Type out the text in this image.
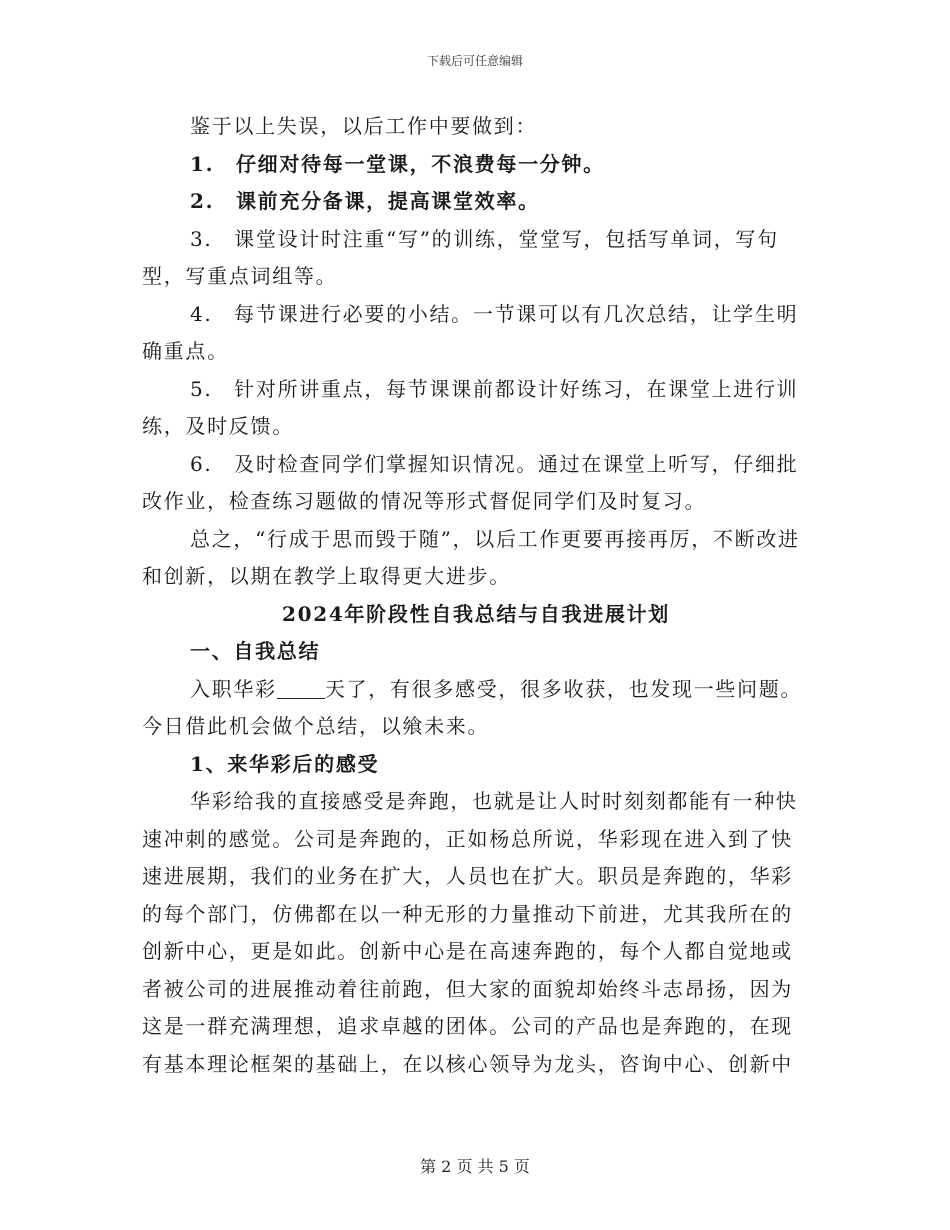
下载后可任意编辑

鉴于以上失误，以后工作中要做到：

1.　仔细对待每一堂课，不浪费每一分钟。

2.　课前充分备课，提高课堂效率。

3.　课堂设计时注重“写”的训练，堂堂写，包括写单词，写句型，写重点词组等。

4.　每节课进行必要的小结。一节课可以有几次总结，让学生明确重点。

5.　针对所讲重点，每节课课前都设计好练习，在课堂上进行训练，及时反馈。

6.　及时检查同学们掌握知识情况。通过在课堂上听写，仔细批改作业，检查练习题做的情况等形式督促同学们及时复习。

总之，“行成于思而毁于随”，以后工作更要再接再厉，不断改进和创新，以期在教学上取得更大进步。

2024年阶段性自我总结与自我进展计划

一、自我总结

入职华彩 天了，有很多感受，很多收获，也发现一些问题。今日借此机会做个总结，以飨未来。

1、来华彩后的感受

华彩给我的直接感受是奔跑，也就是让人时时刻刻都能有一种快速冲刺的感觉。公司是奔跑的，正如杨总所说，华彩现在进入到了快速进展期，我们的业务在扩大，人员也在扩大。职员是奔跑的，华彩的每个部门，仿佛都在以一种无形的力量推动下前进，尤其我所在的创新中心，更是如此。创新中心是在高速奔跑的，每个人都自觉地或者被公司的进展推动着往前跑，但大家的面貌却始终斗志昂扬，因为这是一群充满理想，追求卓越的团体。公司的产品也是奔跑的，在现有基本理论框架的基础上，在以核心领导为龙头，咨询中心、创新中

第 2 页 共 5 页
